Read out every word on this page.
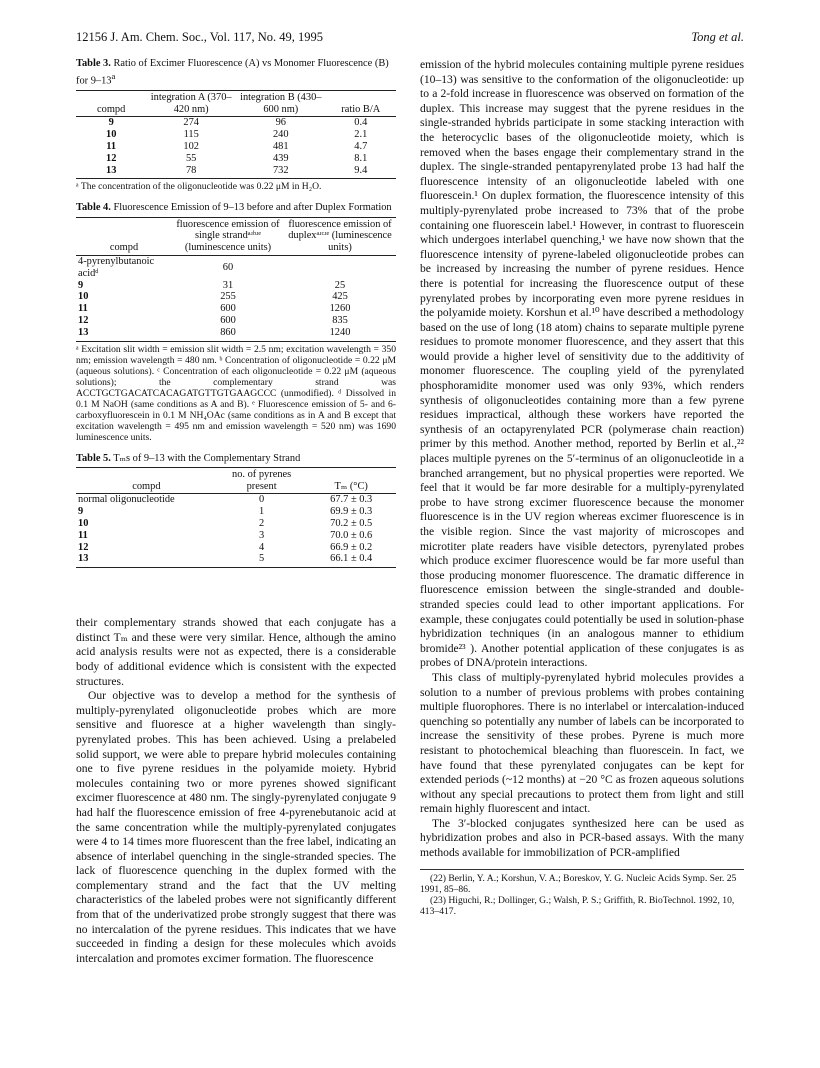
12156 J. Am. Chem. Soc., Vol. 117, No. 49, 1995	Tong et al.
Table 3. Ratio of Excimer Fluorescence (A) vs Monomer Fluorescence (B) for 9–13$^a$
compd	integration A (370–420 nm)	integration B (430–600 nm)	ratio B/A
9	274	96	0.4
10	115	240	2.1
11	102	481	4.7
12	55	439	8.1
13	78	732	9.4
ᵃ The concentration of the oligonucleotide was 0.22 μM in H₂O.
Table 4. Fluorescence Emission of 9–13 before and after Duplex Formation
compd	fluorescence emission of single strandᵃʴᵇʴᵉ (luminescence units)	fluorescence emission of duplexᵃʴᶜʴᵉ (luminescence units)
4-pyrenylbutanoic acidᵈ	60	
9	31	25
10	255	425
11	600	1260
12	600	835
13	860	1240
ᵃ Excitation slit width = emission slit width = 2.5 nm; excitation wavelength = 350 nm; emission wavelength = 480 nm. ᵇ Concentration of oligonucleotide = 0.22 μM (aqueous solutions). ᶜ Concentration of each oligonucleotide = 0.22 μM (aqueous solutions); the complementary strand was ACCTGCTGACATCACAGATGTTGTGAAGCCC (unmodified). ᵈ Dissolved in 0.1 M NaOH (same conditions as A and B). ᵉ Fluorescence emission of 5- and 6-carboxyfluorescein in 0.1 M NH₄OAc (same conditions as in A and B except that excitation wavelength = 495 nm and emission wavelength = 520 nm) was 1690 luminescence units.
Table 5. Tₘs of 9–13 with the Complementary Strand
compd	no. of pyrenes present	Tₘ (°C)
normal oligonucleotide	0	67.7 ± 0.3
9	1	69.9 ± 0.3
10	2	70.2 ± 0.5
11	3	70.0 ± 0.6
12	4	66.9 ± 0.2
13	5	66.1 ± 0.4

their complementary strands showed that each conjugate has a distinct Tₘ and these were very similar. Hence, although the amino acid analysis results were not as expected, there is a considerable body of additional evidence which is consistent with the expected structures.

Our objective was to develop a method for the synthesis of multiply-pyrenylated oligonucleotide probes which are more sensitive and fluoresce at a higher wavelength than singly-pyrenylated probes. This has been achieved. Using a prelabeled solid support, we were able to prepare hybrid molecules containing one to five pyrene residues in the polyamide moiety. Hybrid molecules containing two or more pyrenes showed significant excimer fluorescence at 480 nm. The singly-pyrenylated conjugate 9 had half the fluorescence emission of free 4-pyrenebutanoic acid at the same concentration while the multiply-pyrenylated conjugates were 4 to 14 times more fluorescent than the free label, indicating an absence of interlabel quenching in the single-stranded species. The lack of fluorescence quenching in the duplex formed with the complementary strand and the fact that the UV melting characteristics of the labeled probes were not significantly different from that of the underivatized probe strongly suggest that there was no intercalation of the pyrene residues. This indicates that we have succeeded in finding a design for these molecules which avoids intercalation and promotes excimer formation. The fluorescence

emission of the hybrid molecules containing multiple pyrene residues (10–13) was sensitive to the conformation of the oligonucleotide: up to a 2-fold increase in fluorescence was observed on formation of the duplex. This increase may suggest that the pyrene residues in the single-stranded hybrids participate in some stacking interaction with the heterocyclic bases of the oligonucleotide moiety, which is removed when the bases engage their complementary strand in the duplex. The single-stranded pentapyrenylated probe 13 had half the fluorescence intensity of an oligonucleotide labeled with one fluorescein.¹ On duplex formation, the fluorescence intensity of this multiply-pyrenylated probe increased to 73% that of the probe containing one fluorescein label.¹ However, in contrast to fluorescein which undergoes interlabel quenching,¹ we have now shown that the fluorescence intensity of pyrene-labeled oligonucleotide probes can be increased by increasing the number of pyrene residues. Hence there is potential for increasing the fluorescence output of these pyrenylated probes by incorporating even more pyrene residues in the polyamide moiety. Korshun et al.¹⁰ have described a methodology based on the use of long (18 atom) chains to separate multiple pyrene residues to promote monomer fluorescence, and they assert that this would provide a higher level of sensitivity due to the additivity of monomer fluorescence. The coupling yield of the pyrenylated phosphoramidite monomer used was only 93%, which renders synthesis of oligonucleotides containing more than a few pyrene residues impractical, although these workers have reported the synthesis of an octapyrenylated PCR (polymerase chain reaction) primer by this method. Another method, reported by Berlin et al.,²² places multiple pyrenes on the 5′-terminus of an oligonucleotide in a branched arrangement, but no physical properties were reported. We feel that it would be far more desirable for a multiply-pyrenylated probe to have strong excimer fluorescence because the monomer fluorescence is in the UV region whereas excimer fluorescence is in the visible region. Since the vast majority of microscopes and microtiter plate readers have visible detectors, pyrenylated probes which produce excimer fluorescence would be far more useful than those producing monomer fluorescence. The dramatic difference in fluorescence emission between the single-stranded and double-stranded species could lead to other important applications. For example, these conjugates could potentially be used in solution-phase hybridization techniques (in an analogous manner to ethidium bromide²³ ). Another potential application of these conjugates is as probes of DNA/protein interactions.

This class of multiply-pyrenylated hybrid molecules provides a solution to a number of previous problems with probes containing multiple fluorophores. There is no interlabel or intercalation-induced quenching so potentially any number of labels can be incorporated to increase the sensitivity of these probes. Pyrene is much more resistant to photochemical bleaching than fluorescein. In fact, we have found that these pyrenylated conjugates can be kept for extended periods (~12 months) at −20 °C as frozen aqueous solutions without any special precautions to protect them from light and still remain highly fluorescent and intact.

The 3′-blocked conjugates synthesized here can be used as hybridization probes and also in PCR-based assays. With the many methods available for immobilization of PCR-amplified

(22) Berlin, Y. A.; Korshun, V. A.; Boreskov, Y. G. Nucleic Acids Symp. Ser. 25 1991, 85–86.
(23) Higuchi, R.; Dollinger, G.; Walsh, P. S.; Griffith, R. BioTechnol. 1992, 10, 413–417.
